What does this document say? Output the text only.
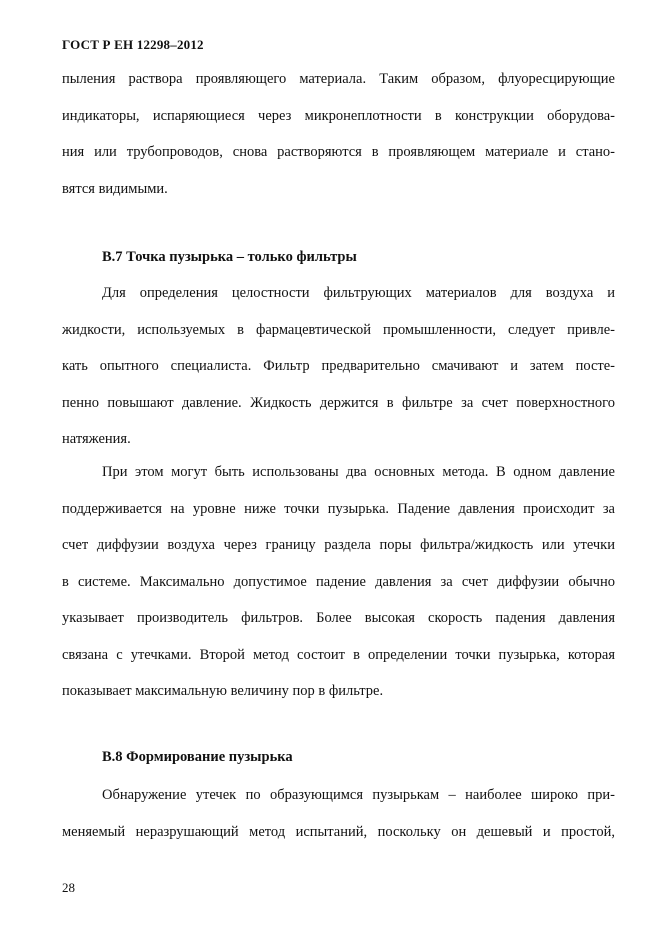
ГОСТ Р ЕН 12298–2012
пыления раствора проявляющего материала. Таким образом, флуоресцирующие
индикаторы, испаряющиеся через микронеплотности в конструкции оборудова-
ния или трубопроводов, снова растворяются в проявляющем материале и стано-
вятся видимыми.
В.7 Точка пузырька – только фильтры
Для определения целостности фильтрующих материалов для воздуха и
жидкости, используемых в фармацевтической промышленности, следует привле-
кать опытного специалиста. Фильтр предварительно смачивают и затем посте-
пенно повышают давление. Жидкость держится в фильтре за счет поверхностного
натяжения.
При этом могут быть использованы два основных метода. В одном давление
поддерживается на уровне ниже точки пузырька. Падение давления происходит за
счет диффузии воздуха через границу раздела поры фильтра/жидкость или утечки
в системе. Максимально допустимое падение давления за счет диффузии обычно
указывает производитель фильтров. Более высокая скорость падения давления
связана с утечками. Второй метод состоит в определении точки пузырька, которая
показывает максимальную величину пор в фильтре.
В.8 Формирование пузырька
Обнаружение утечек по образующимся пузырькам – наиболее широко при-
меняемый неразрушающий метод испытаний, поскольку он дешевый и простой,
28
